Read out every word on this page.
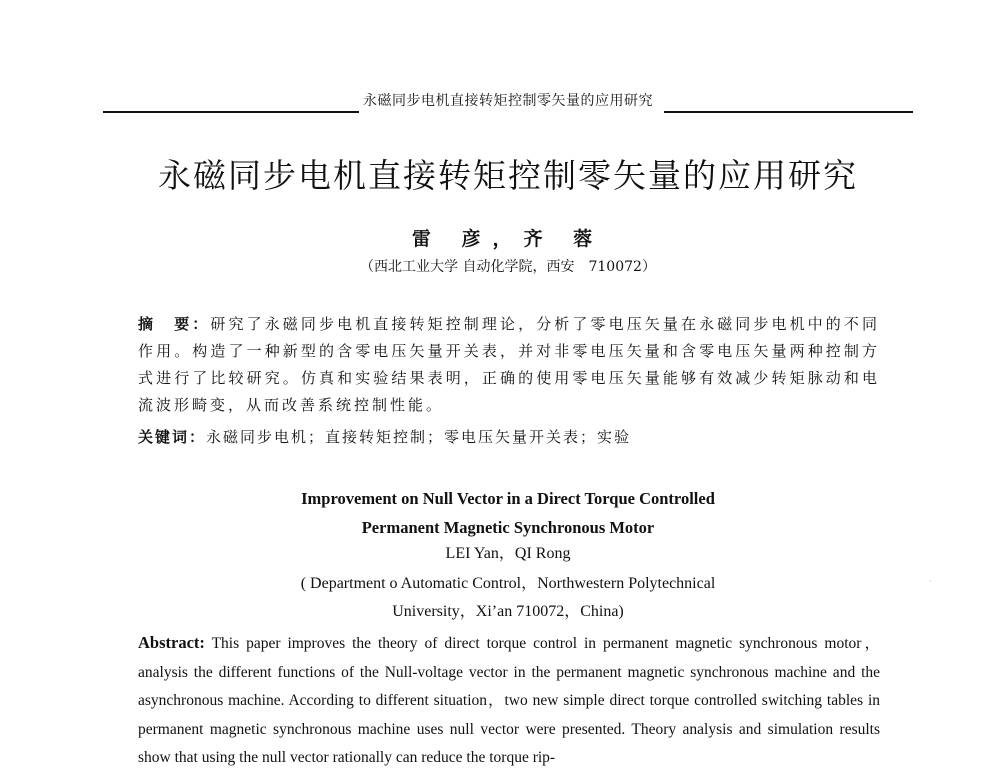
永磁同步电机直接转矩控制零矢量的应用研究
永磁同步电机直接转矩控制零矢量的应用研究
雷 彦，齐 蓉
（西北工业大学 自动化学院，西安　710072）
摘　要：研究了永磁同步电机直接转矩控制理论，分析了零电压矢量在永磁同步电机中的不同作用。构造了一种新型的含零电压矢量开关表，并对非零电压矢量和含零电压矢量两种控制方式进行了比较研究。仿真和实验结果表明，正确的使用零电压矢量能够有效减少转矩脉动和电流波形畸变，从而改善系统控制性能。
关键词：永磁同步电机；直接转矩控制；零电压矢量开关表；实验
Improvement on Null Vector in a Direct Torque Controlled
Permanent Magnetic Synchronous Motor
LEI Yan，QI Rong
( Department o Automatic Control，Northwestern Polytechnical
University，Xi’an 710072，China)
Abstract: This paper improves the theory of direct torque control in permanent magnetic synchronous motor，analysis the different functions of the Null-voltage vector in the permanent magnetic synchronous machine and the asynchronous machine. According to different situation，two new simple direct torque controlled switching tables in permanent magnetic synchronous machine uses null vector were presented. Theory analysis and simulation results show that using the null vector rationally can reduce the torque rip-
·
